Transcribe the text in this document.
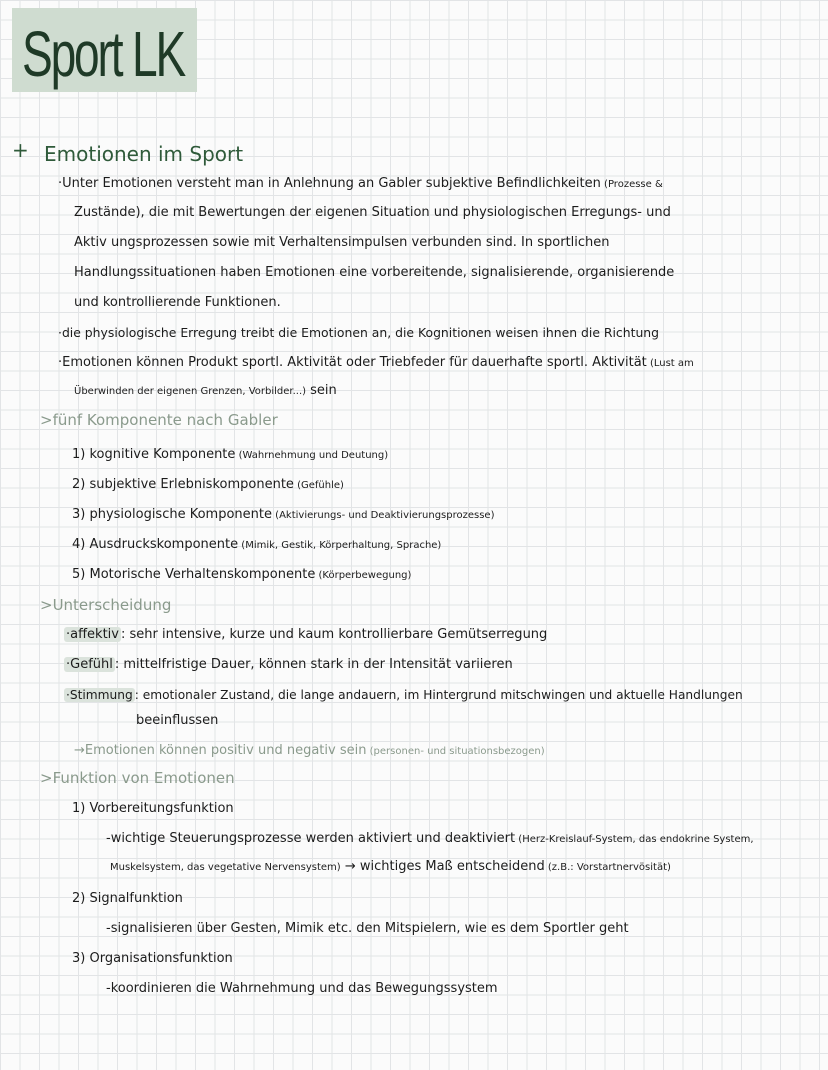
Sport LK
+ Emotionen im Sport
·Unter Emotionen versteht man in Anlehnung an Gabler subjektive Befindlichkeiten (Prozesse &
Zustände), die mit Bewertungen der eigenen Situation und physiologischen Erregungs- und
Aktiv ungsprozessen sowie mit Verhaltensimpulsen verbunden sind. In sportlichen
Handlungssituationen haben Emotionen eine vorbereitende, signalisierende, organisierende
und kontrollierende Funktionen.
·die physiologische Erregung treibt die Emotionen an, die Kognitionen weisen ihnen die Richtung
·Emotionen können Produkt sportl. Aktivität oder Triebfeder für dauerhafte sportl. Aktivität (Lust am
Überwinden der eigenen Grenzen, Vorbilder...) sein
>fünf Komponente nach Gabler
1) kognitive Komponente (Wahrnehmung und Deutung)
2) subjektive Erlebniskomponente (Gefühle)
3) physiologische Komponente (Aktivierungs- und Deaktivierungsprozesse)
4) Ausdruckskomponente (Mimik, Gestik, Körperhaltung, Sprache)
5) Motorische Verhaltenskomponente (Körperbewegung)
>Unterscheidung
·affektiv : sehr intensive, kurze und kaum kontrollierbare Gemütserregung
·Gefühl : mittelfristige Dauer, können stark in der Intensität variieren
·Stimmung : emotionaler Zustand, die lange andauern, im Hintergrund mitschwingen und aktuelle Handlungen
beeinflussen
→Emotionen können positiv und negativ sein (personen- und situationsbezogen)
>Funktion von Emotionen
1) Vorbereitungsfunktion
-wichtige Steuerungsprozesse werden aktiviert und deaktiviert (Herz-Kreislauf-System, das endokrine System,
Muskelsystem, das vegetative Nervensystem) → wichtiges Maß entscheidend (z.B.: Vorstartnervösität)
2) Signalfunktion
-signalisieren über Gesten, Mimik etc. den Mitspielern, wie es dem Sportler geht
3) Organisationsfunktion
-koordinieren die Wahrnehmung und das Bewegungssystem
